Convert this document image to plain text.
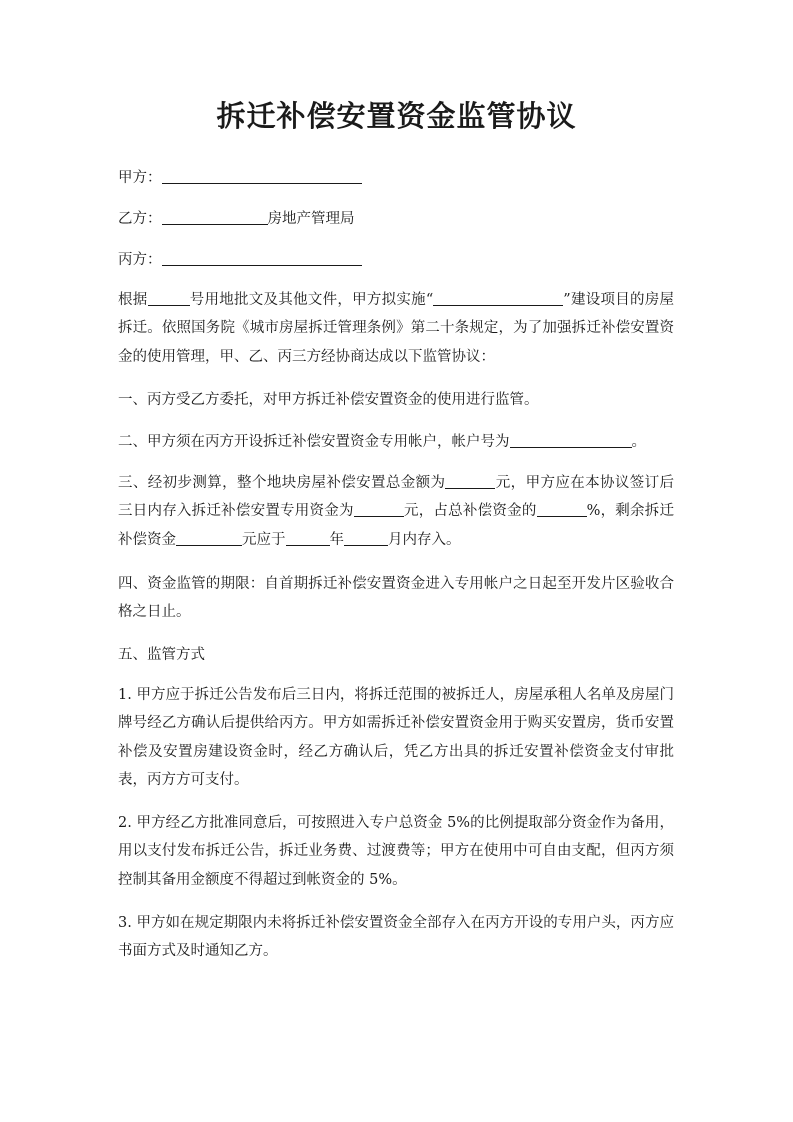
拆迁补偿安置资金监管协议

甲方：

乙方：	房地产管理局

丙方：

根据	号用地批文及其他文件，甲方拟实施“	”建设项目的房屋拆迁。依照国务院《城市房屋拆迁管理条例》第二十条规定，为了加强拆迁补偿安置资金的使用管理，甲、乙、丙三方经协商达成以下监管协议：

一、丙方受乙方委托，对甲方拆迁补偿安置资金的使用进行监管。

二、甲方须在丙方开设拆迁补偿安置资金专用帐户，帐户号为	。

三、经初步测算，整个地块房屋补偿安置总金额为	元，甲方应在本协议签订后三日内存入拆迁补偿安置专用资金为	元，占总补偿资金的	%，剩余拆迁补偿资金	元应于	年	月内存入。

四、资金监管的期限：自首期拆迁补偿安置资金进入专用帐户之日起至开发片区验收合格之日止。

五、监管方式

1. 甲方应于拆迁公告发布后三日内，将拆迁范围的被拆迁人，房屋承租人名单及房屋门牌号经乙方确认后提供给丙方。甲方如需拆迁补偿安置资金用于购买安置房，货币安置补偿及安置房建设资金时，经乙方确认后，凭乙方出具的拆迁安置补偿资金支付审批表，丙方方可支付。

2. 甲方经乙方批准同意后，可按照进入专户总资金 5%的比例提取部分资金作为备用，用以支付发布拆迁公告，拆迁业务费、过渡费等；甲方在使用中可自由支配，但丙方须控制其备用金额度不得超过到帐资金的 5%。

3. 甲方如在规定期限内未将拆迁补偿安置资金全部存入在丙方开设的专用户头，丙方应书面方式及时通知乙方。
